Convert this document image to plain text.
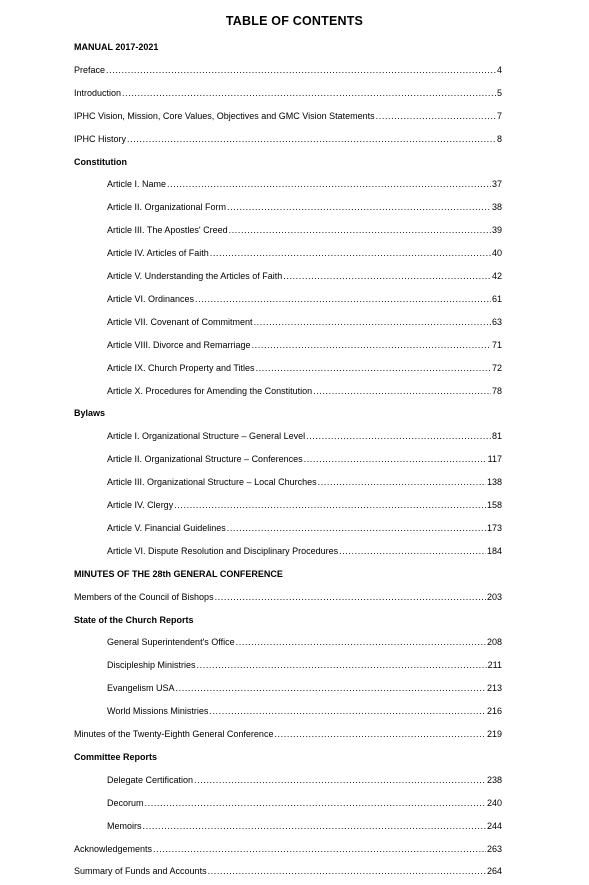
TABLE OF CONTENTS
MANUAL 2017-2021
Preface .....	4
Introduction .....	5
IPHC Vision, Mission, Core Values, Objectives and GMC Vision Statements .....	7
IPHC History .....	8
Constitution
Article I. Name .....	37
Article II. Organizational Form .....	38
Article III. The Apostles' Creed .....	39
Article IV. Articles of Faith .....	40
Article V. Understanding the Articles of Faith .....	42
Article VI. Ordinances .....	61
Article VII. Covenant of Commitment .....	63
Article VIII. Divorce and Remarriage .....	71
Article IX. Church Property and Titles .....	72
Article X. Procedures for Amending the Constitution .....	78
Bylaws
Article I. Organizational Structure – General Level .....	81
Article II. Organizational Structure – Conferences .....	117
Article III. Organizational Structure – Local Churches .....	138
Article IV. Clergy .....	158
Article V. Financial Guidelines .....	173
Article VI. Dispute Resolution and Disciplinary Procedures .....	184
MINUTES OF THE 28th GENERAL CONFERENCE
Members of the Council of Bishops .....	203
State of the Church Reports
General Superintendent's Office .....	208
Discipleship Ministries .....	211
Evangelism USA .....	213
World Missions Ministries .....	216
Minutes of the Twenty-Eighth General Conference .....	219
Committee Reports
Delegate Certification .....	238
Decorum .....	240
Memoirs .....	244
Acknowledgements .....	263
Summary of Funds and Accounts .....	264
